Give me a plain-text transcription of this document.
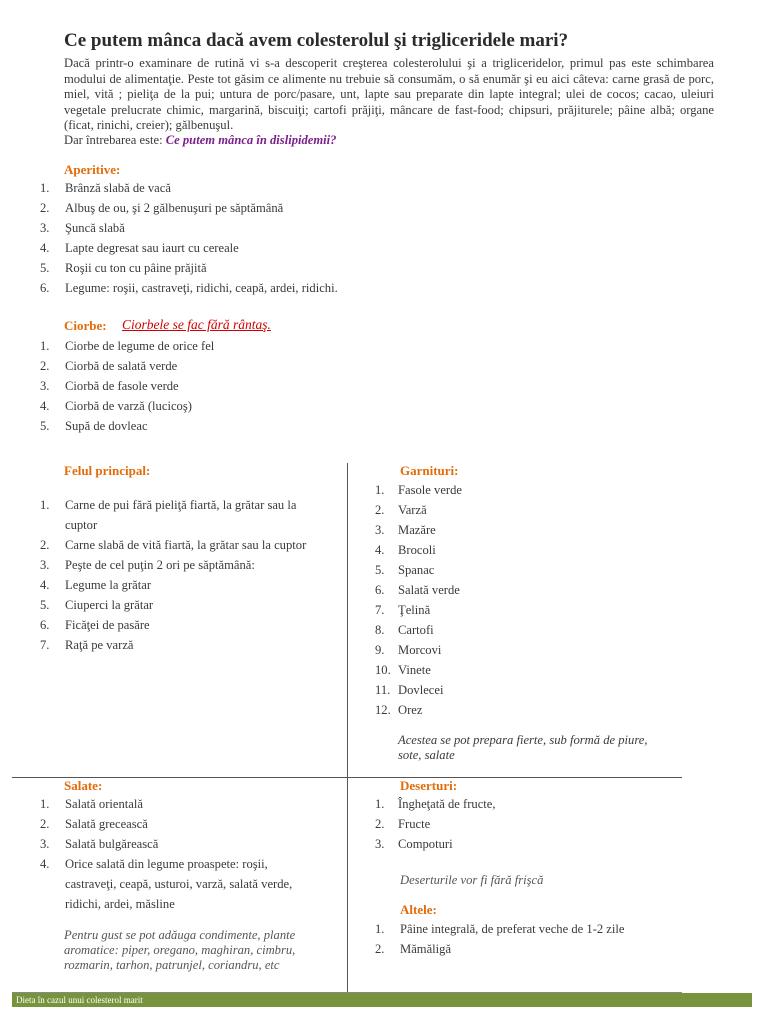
Ce putem mânca dacă avem colesterolul şi trigliceridele mari?

Dacă printr-o examinare de rutină vi s-a descoperit creşterea colesterolului şi a trigliceridelor, primul pas este schimbarea modului de alimentaţie. Peste tot găsim ce alimente nu trebuie să consumăm, o să enumăr şi eu aici câteva: carne grasă de porc, miel, vită ; pieliţa de la pui; untura de porc/pasare, unt, lapte sau preparate din lapte integral; ulei de cocos; cacao, uleiuri vegetale prelucrate chimic, margarină, biscuiţi; cartofi prăjiţi, mâncare de fast-food; chipsuri, prăjiturele; pâine albă; organe (ficat, rinichi, creier); gălbenuşul.

Dar întrebarea este: Ce putem mânca în dislipidemii?

Aperitive:
1.	Brânză slabă de vacă
2.	Albuş de ou, şi 2 gălbenuşuri pe săptămână
3.	Şuncă slabă
4.	Lapte degresat sau iaurt cu cereale
5.	Roşii cu ton cu pâine prăjită
6.	Legume: roşii, castraveţi, ridichi, ceapă, ardei, ridichi.
Ciorbe: Ciorbele se fac fără rântaş.
1.	Ciorbe de legume de orice fel
2.	Ciorbă de salată verde
3.	Ciorbă de fasole verde
4.	Ciorbă de varză (lucicoş)
5.	Supă de dovleac
Felul principal:
1.	Carne de pui fără pieliţă fiartă, la grătar sau la cuptor
2.	Carne slabă de vită fiartă, la grătar sau la cuptor
3.	Peşte de cel puţin 2 ori pe săptămână:
4.	Legume la grătar
5.	Ciuperci la grătar
6.	Ficăţei de pasăre
7.	Raţă pe varză
Garnituri:
1.	Fasole verde
2.	Varză
3.	Mazăre
4.	Brocoli
5.	Spanac
6.	Salată verde
7.	Ţelină
8.	Cartofi
9.	Morcovi
10. Vinete
11. Dovlecei
12. Orez
Acestea se pot prepara fierte, sub formă de piure, sote, salate
Salate:
1.	Salată orientală
2.	Salată grecească
3.	Salată bulgărească
4.	Orice salată din legume proaspete: roşii, castraveţi, ceapă, usturoi, varză, salată verde, ridichi, ardei, măsline
Pentru gust se pot adăuga condimente, plante aromatice: piper, oregano, maghiran, cimbru, rozmarin, tarhon, patrunjel, coriandru, etc
Deserturi:
1.	Îngheţată de fructe,
2.	Fructe
3.	Compoturi
Deserturile vor fi fără frişcă
Altele:
1.	Pâine integrală, de preferat veche de 1-2 zile
2.	Mămăligă
Dieta în cazul unui colesterol marit
